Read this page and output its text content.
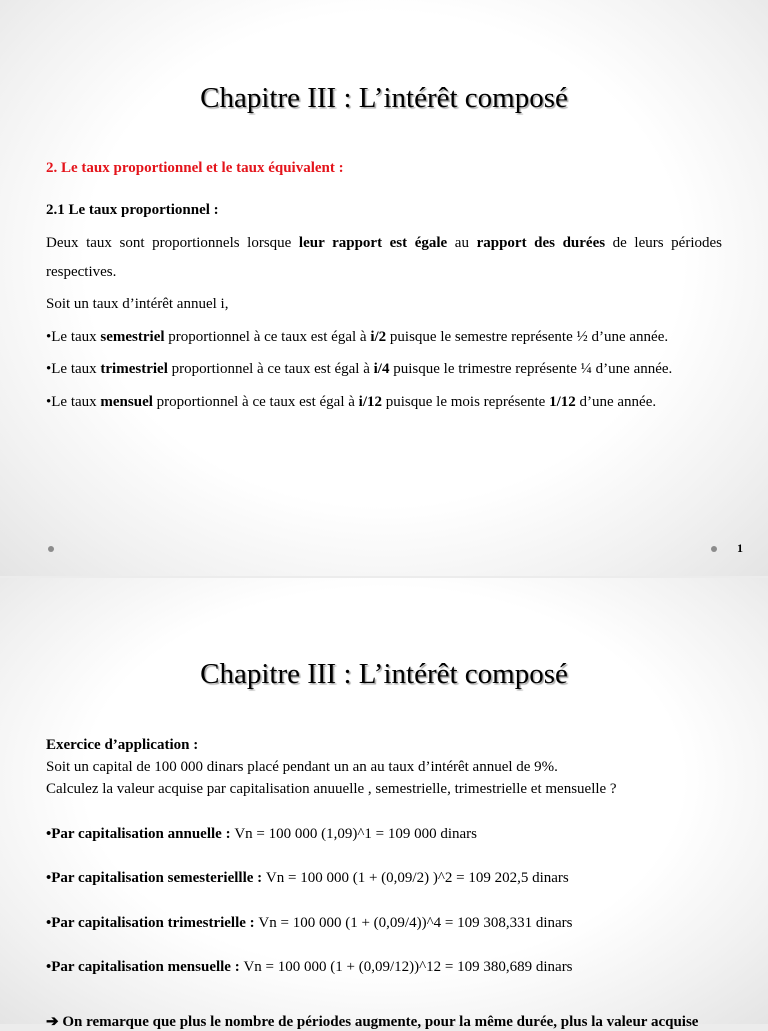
Chapitre III : L’intérêt composé

2. Le taux proportionnel et le taux équivalent :

2.1 Le taux proportionnel :

Deux taux sont proportionnels lorsque leur rapport est égale au rapport des durées de leurs périodes respectives.

Soit un taux d’intérêt annuel i,

•Le taux semestriel proportionnel à ce taux est égal à i/2 puisque le semestre représente ½ d’une année.

•Le taux trimestriel proportionnel à ce taux est égal à i/4 puisque le trimestre représente ¼ d’une année.

•Le taux mensuel proportionnel à ce taux est égal à i/12 puisque le mois représente 1/12 d’une année.

1
Chapitre III : L’intérêt composé
Exercice d’application :
Soit un capital de 100 000 dinars placé pendant un an au taux d’intérêt annuel de 9%.
Calculez la valeur acquise par capitalisation anuuelle , semestrielle, trimestrielle et mensuelle ?

•Par capitalisation annuelle : Vn = 100 000 (1,09)^1 = 109 000 dinars

•Par capitalisation semesteriellle : Vn = 100 000 (1 + (0,09/2) )^2 = 109 202,5 dinars

•Par capitalisation trimestrielle : Vn = 100 000 (1 + (0,09/4))^4 = 109 308,331 dinars

•Par capitalisation mensuelle : Vn = 100 000 (1 + (0,09/12))^12 = 109 380,689 dinars

➔ On remarque que plus le nombre de périodes augmente, pour la même durée, plus la valeur acquise
